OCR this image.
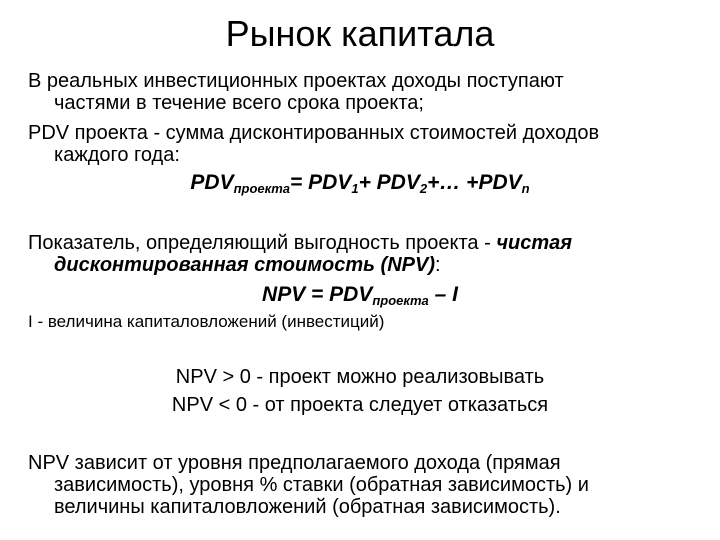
Рынок капитала
В реальных инвестиционных проектах доходы поступают
частями в течение всего срока проекта;
PDV проекта - сумма дисконтированных стоимостей доходов
каждого года:
$PDV_{проекта}= PDV_1+$ $PDV_2+\dots +PDV_n$
Показатель, определяющий выгодность проекта - чистая
дисконтированная стоимость (NPV):
NPV = $PDV_{проекта}$ – I
I - величина капиталовложений (инвестиций)
NPV > 0 - проект можно реализовывать
NPV < 0 - от проекта следует отказаться
NPV зависит от уровня предполагаемого дохода (прямая
зависимость), уровня % ставки (обратная зависимость) и
величины капиталовложений (обратная зависимость).
